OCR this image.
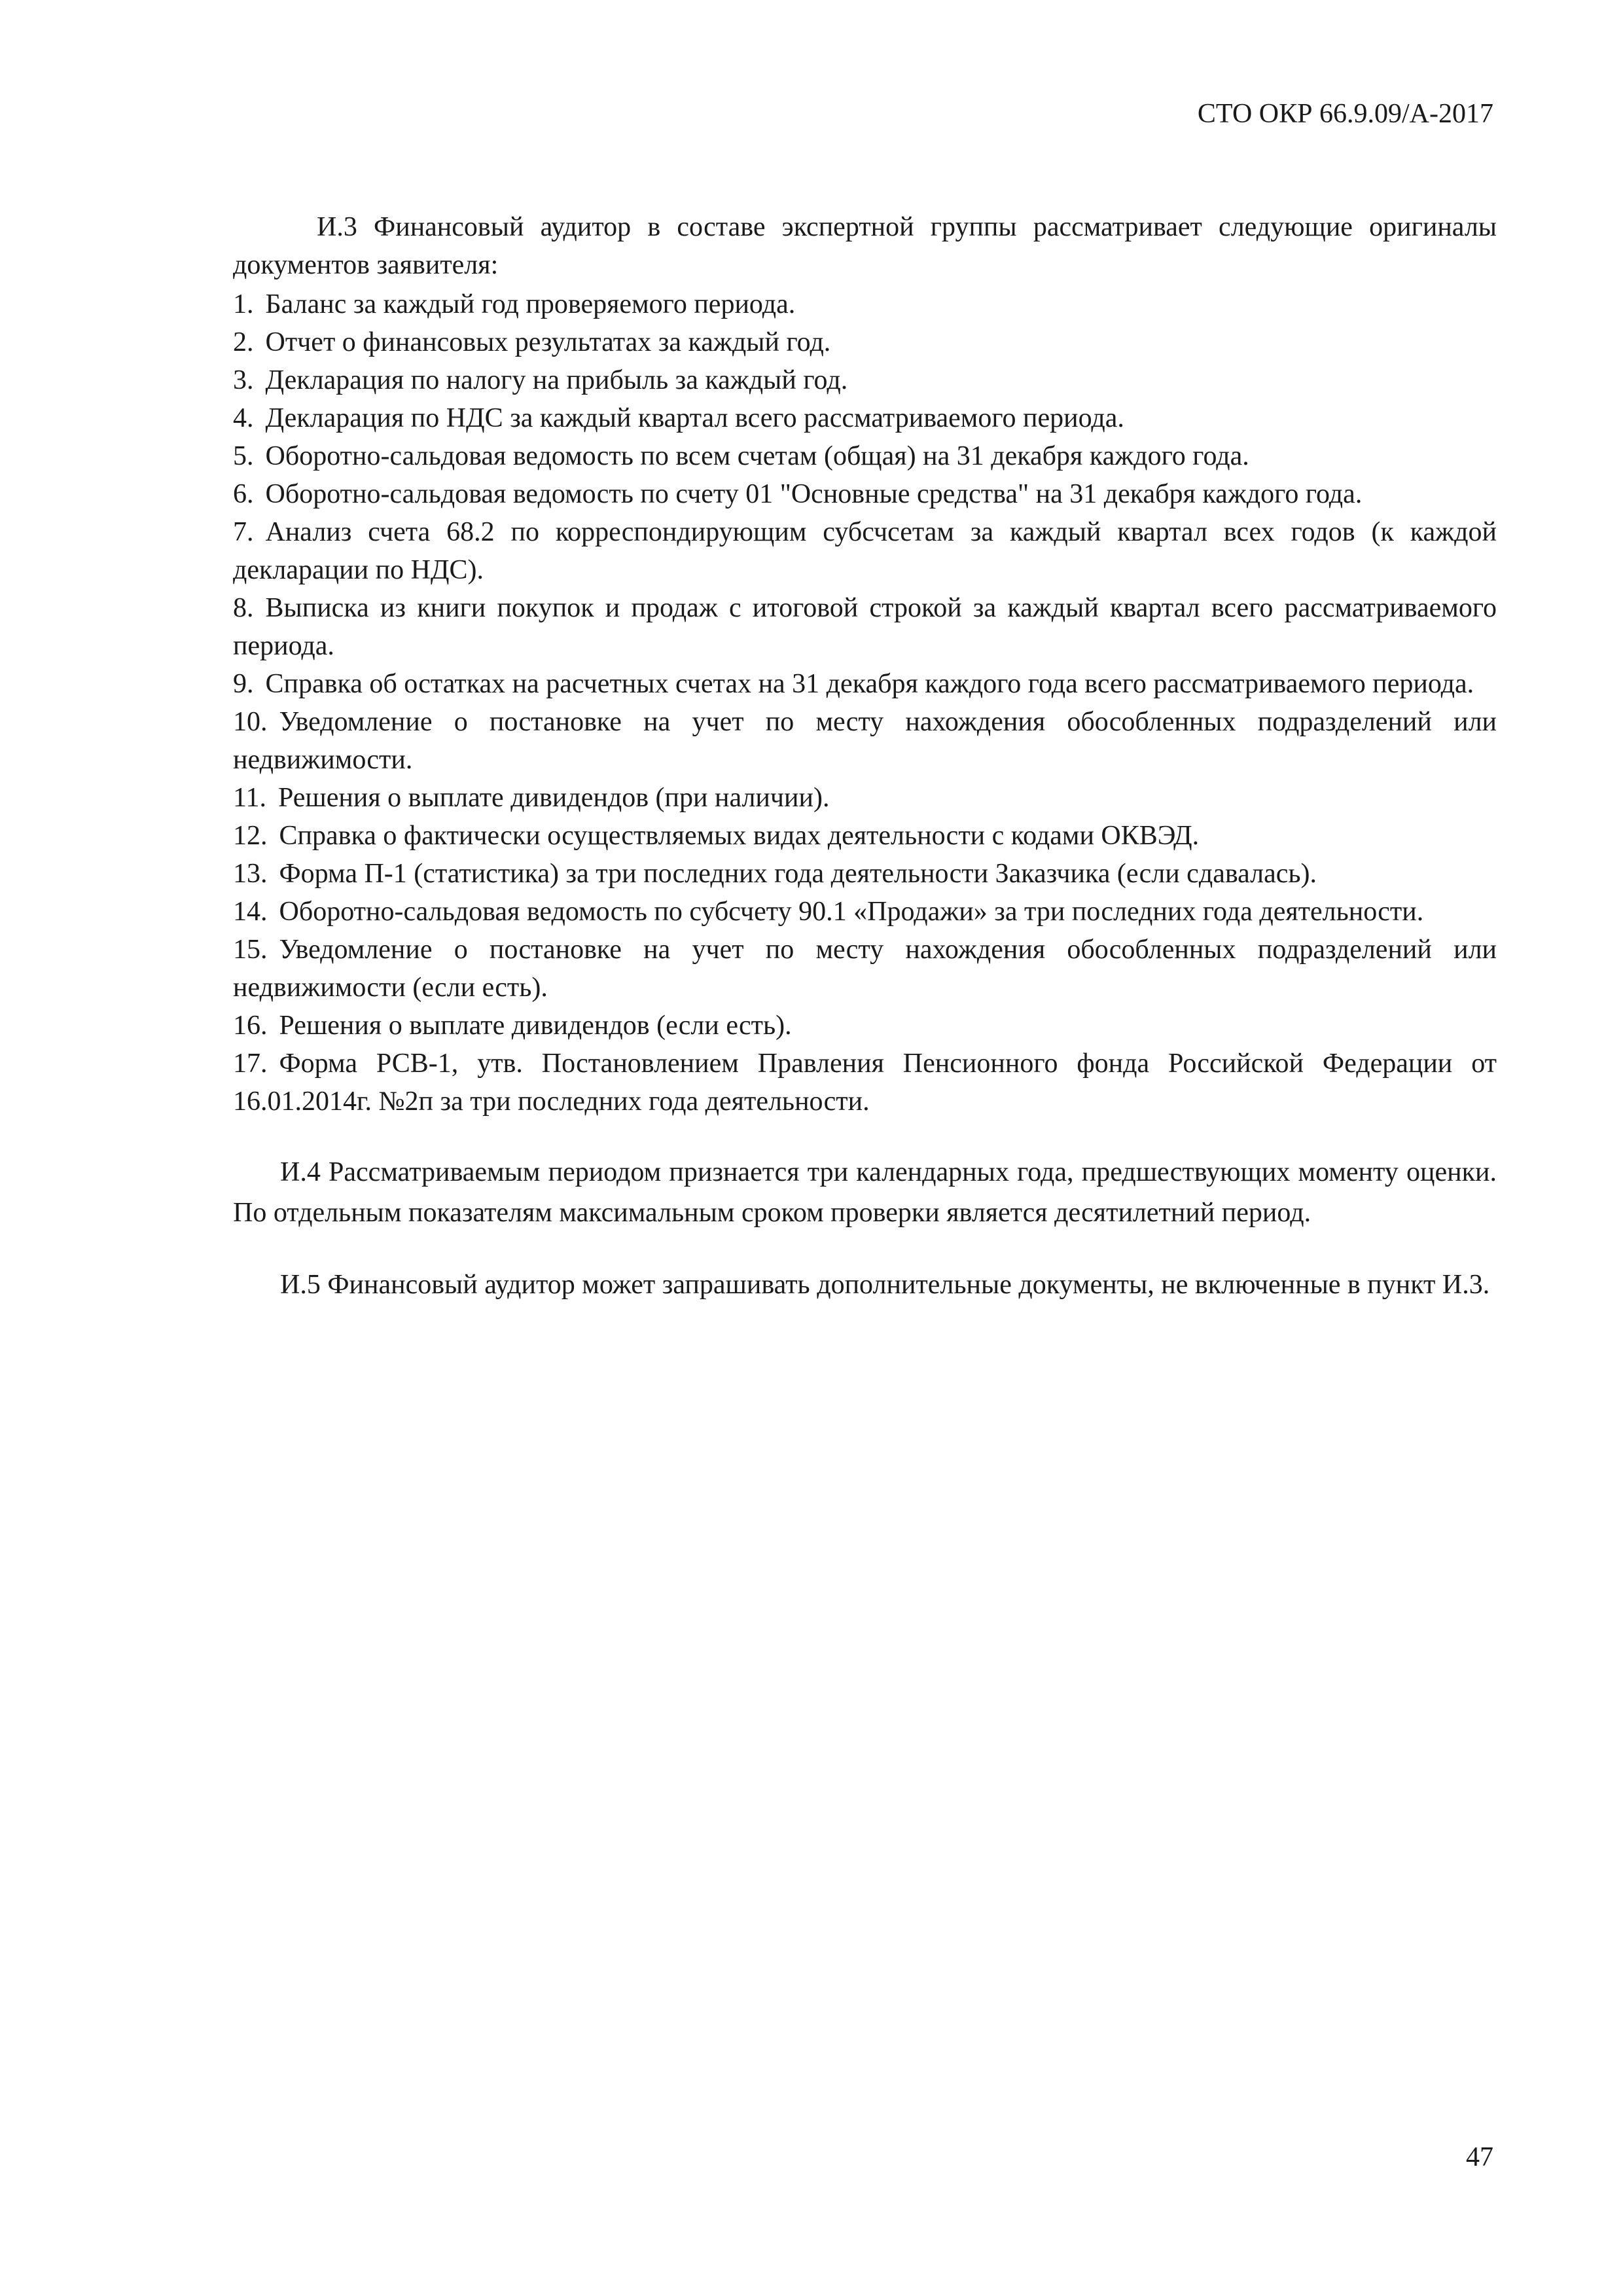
СТО ОКР 66.9.09/А-2017

И.3 Финансовый аудитор в составе экспертной группы рассматривает следующие оригиналы документов заявителя:

1. Баланс за каждый год проверяемого периода.
2. Отчет о финансовых результатах за каждый год.
3. Декларация по налогу на прибыль за каждый год.
4. Декларация по НДС за каждый квартал всего рассматриваемого периода.
5. Оборотно-сальдовая ведомость по всем счетам (общая) на 31 декабря каждого года.
6. Оборотно-сальдовая ведомость по счету 01 "Основные средства" на 31 декабря каждого года.
7. Анализ счета 68.2 по корреспондирующим субсчсетам за каждый квартал всех годов (к каждой декларации по НДС).
8. Выписка из книги покупок и продаж с итоговой строкой за каждый квартал всего рассматриваемого периода.
9. Справка об остатках на расчетных счетах на 31 декабря каждого года всего рассматриваемого периода.
10. Уведомление о постановке на учет по месту нахождения обособленных подразделений или недвижимости.
11. Решения о выплате дивидендов (при наличии).
12. Справка о фактически осуществляемых видах деятельности с кодами ОКВЭД.
13. Форма П-1 (статистика) за три последних года деятельности Заказчика (если сдавалась).
14. Оборотно-сальдовая ведомость по субсчету 90.1 «Продажи» за три последних года деятельности.
15. Уведомление о постановке на учет по месту нахождения обособленных подразделений или недвижимости (если есть).
16. Решения о выплате дивидендов (если есть).
17. Форма РСВ-1, утв. Постановлением Правления Пенсионного фонда Российской Федерации от 16.01.2014г. №2п за три последних года деятельности.

И.4 Рассматриваемым периодом признается три календарных года, предшествующих моменту оценки. По отдельным показателям максимальным сроком проверки является десятилетний период.

И.5 Финансовый аудитор может запрашивать дополнительные документы, не включенные в пункт И.3.

47
